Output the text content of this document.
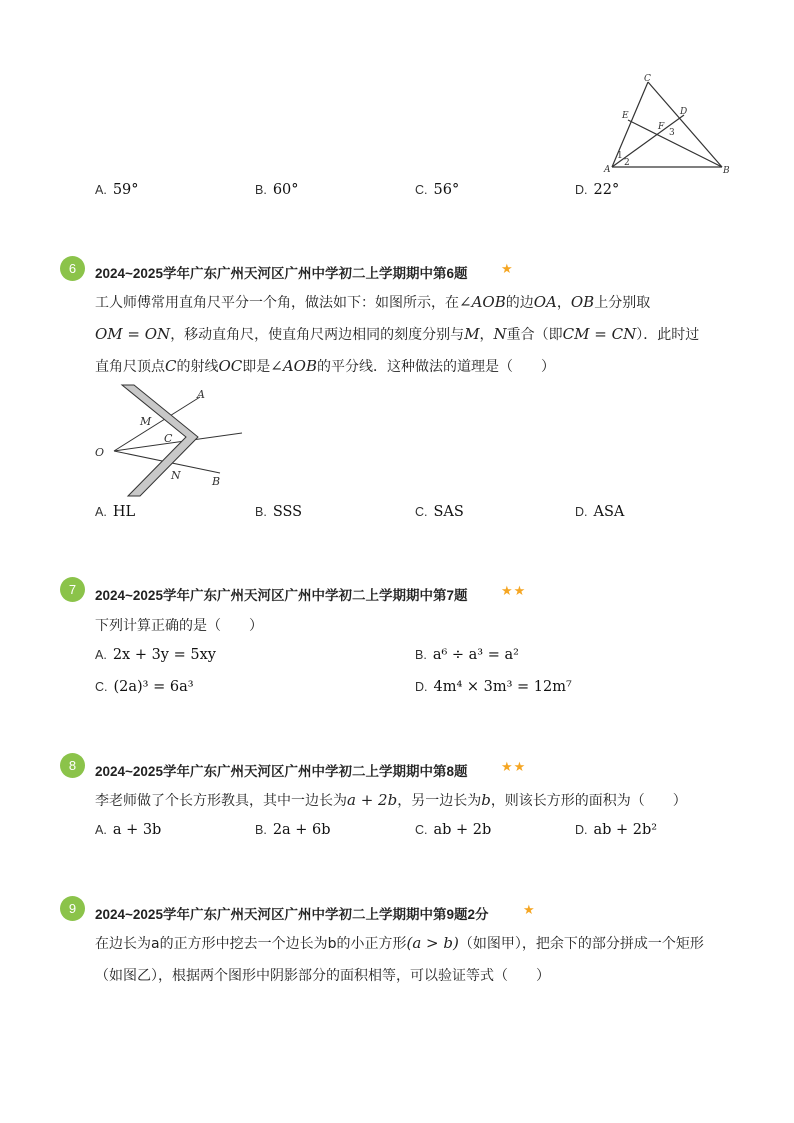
C
E	D
F
3
A
1
2
B
A. 59°	B. 60°	C. 56°	D. 22°
6	2024~2025学年广东广州天河区广州中学初二上学期期中第6题	★
工人师傅常用直角尺平分一个角，做法如下：如图所示，在∠AOB的边OA，OB上分别取
OM = ON，移动直角尺，使直角尺两边相同的刻度分别与M，N重合（即CM = CN）．此时过
直角尺顶点C的射线OC即是∠AOB的平分线．这种做法的道理是（　　）
A
M
C
O
N	B
A. HL	B. SSS	C. SAS	D. ASA
7	2024~2025学年广东广州天河区广州中学初二上学期期中第7题	★★
下列计算正确的是（　　）
A. 2x + 3y = 5xy	B. a⁶ ÷ a³ = a²
C. (2a)³ = 6a³	D. 4m⁴ × 3m³ = 12m⁷
8	2024~2025学年广东广州天河区广州中学初二上学期期中第8题	★★
李老师做了个长方形教具，其中一边长为a + 2b，另一边长为b，则该长方形的面积为（　　）
A. a + 3b	B. 2a + 6b	C. ab + 2b	D. ab + 2b²
9	2024~2025学年广东广州天河区广州中学初二上学期期中第9题2分	★
在边长为a的正方形中挖去一个边长为b的小正方形(a > b)（如图甲），把余下的部分拼成一个矩形
（如图乙），根据两个图形中阴影部分的面积相等，可以验证等式（　　）
